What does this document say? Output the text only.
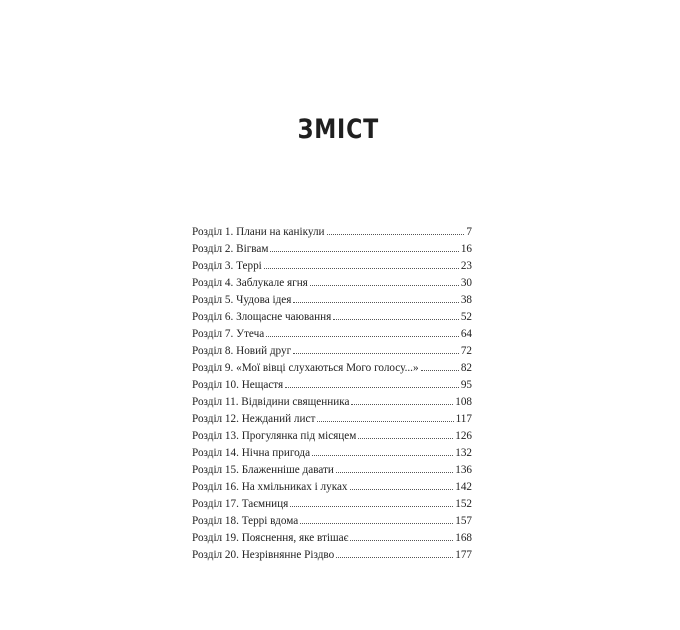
ЗМІСТ
Розділ 1. Плани на канікули	7
Розділ 2. Вігвам	16
Розділ 3. Террі	23
Розділ 4. Заблукале ягня	30
Розділ 5. Чудова ідея	38
Розділ 6. Злощасне чаювання	52
Розділ 7. Утеча	64
Розділ 8. Новий друг	72
Розділ 9. «Мої вівці слухаються Мого голосу...»	82
Розділ 10. Нещастя	95
Розділ 11. Відвідини священника	108
Розділ 12. Нежданий лист	117
Розділ 13. Прогулянка під місяцем	126
Розділ 14. Нічна пригода	132
Розділ 15. Блаженніше давати	136
Розділ 16. На хмільниках і луках	142
Розділ 17. Таємниця	152
Розділ 18. Террі вдома	157
Розділ 19. Пояснення, яке втішає	168
Розділ 20. Незрівнянне Різдво	177
